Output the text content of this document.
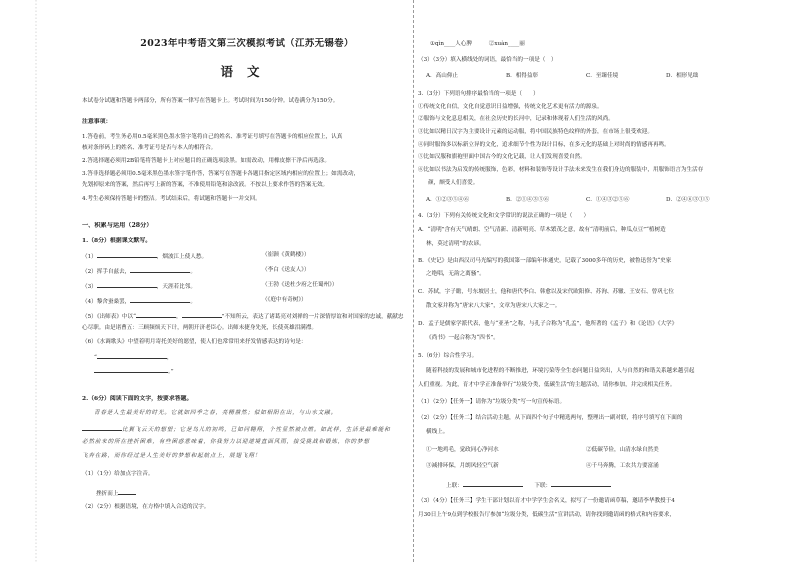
2023年中考语文第三次模拟考试（江苏无锡卷）
语文
本试卷分试题和答题卡两部分，所有答案一律写在答题卡上。考试时间为150分钟。试卷满分为150分。
注意事项：
1.答卷前，考生务必用0.5毫米黑色墨水签字笔将自己的姓名、准考证号填写在答题卡的相应位置上，认真
核对条形码上的姓名、准考证号是否与本人的相符合。
2.答选择题必须用2B铅笔将答题卡上对应题目的正确选项涂黑。如需改动，用橡皮擦干净后再选涂。
3.答非选择题必须用0.5毫米黑色墨水签字笔作答，答案写在答题卡各题目指定区域内相应的位置上；如需改动，
先划掉原来的答案，然后再写上新的答案，不准使用铅笔和涂改液。不按以上要求作答的答案无效。
4.考生必须保持答题卡的整洁。考试结束后，将试题和答题卡一并交回。
一、积累与运用（28分）
1.（8分）根据课文默写。
（1）	，烟波江上使人愁。	（崔颢《黄鹤楼》）
（2）挥手自兹去，	。	（李白《送友人》）
（3）	，天涯若比邻。	（王勃《送杜少府之任蜀州》）
（4）黎舍蚕桑罢，	。	（《庭中有奇树》）
（5）《出师表》中以“	，	”不知所云，表达了诸葛亮对刘禅的一片深情厚谊和对国家的忠诚，献献忠
心尽职。由是诸曹五：三顾频烦天下计，两朝开济老臣心。出师未捷身先死，长使英雄泪满襟。
（6）《水调歌头》中望着明月寄托美好的愿望，使人们也常常用来抒发情感表达的诗句是：
“	，
。”
2.（6分）阅读下面的文字，按要求答题。
青春是人生最美好的时光。它就如四季之春，亮精鼎然；似如相阳在出，与山水文融。
比翼飞云天的想望；它是鸟儿的初鸣，已如同翱翔，个性显然被点燃。如此样，生活是最难能和
必然前来的所在挫折困难，有些困惑意味着，你我努力以迎逆境直面风雨，接受挑战和锻炼，你的梦想
飞奔在路，而你经过是人生美好的梦想和起航点上，展翅飞翔！
（1）（1分）给加点字注音。
挫折而上
（2）（2分）根据语境，在方格中填入合适的汉字。
①qìn____人心脾　　　②xuàn____丽
（3）（3分）填入横线处的词语，最恰当的一项是（　）
A．高山仰止	B．相得益彰	C．至臻佳境	D．相形见绌
3.（3分）下列语句排序最恰当的一项是（　　）
①传统文化自信，文化自觉意识日益增强，传统文化艺术更有活力的源泉。
②服饰与文化息息相关，在社会历史的长河中，记录和体现着人们生活的风尚。
③比如以精日汉字为主要设计元素的运动服，将中国民族特色纹样的外套，在市场上很受欢迎。
④同时服饰多以标新立异的文化，追求细节个性为设计目标，在多元化的基础上对时尚的情感再再鸣。
⑤比如汉服和旗袍里面中国古今的文化记载，让人们发现喜爱自然。
⑥比如以书法为启发的传统服饰，色彩，材料和装饰等设计手法未来发生在我们身边的服装中，用服饰语言为生活存
颜，颇受人们喜爱。
A．①②③⑤④⑥	B．②①④③⑤⑥	C．①④③②⑤⑥	D．②④⑥③①⑤
4.（3分）下列有关传统文化和文学常识的说法正确的一项是（　　）
A．“清明”含有天气晴朗、空气清新、清新明亮、草木繁茂之意，故有“清明前后，种瓜点豆”“植树造
林，莫过清明”的农谚。
B．《史记》是由西汉司马光编写的我国第一部编年体通史，记载了3000多年的历史，被鲁迅誉为“史家
之绝唱，无韵之离骚”。
C．苏轼，字子瞻，号东坡居士，他和唐代李白、韩愈以及宋代欧阳修、苏洵、苏辙、王安石、曾巩七位
散文家并称为“唐宋八大家”，文章为唐宋八大家之一。
D．孟子是儒家学派代表，他与“亚圣”之称，与孔子合称为“孔孟”，他所著的《孟子》和《论语》《大学》
《尚书》一起合称为“四书”。
5.（6分）综合性学习。
随着科技的发展和城市化进程的不断推进，环境污染等全生态问题日益突出，人与自然的和谐关系越来越引起
人们重视。为此，育才中学正准备举行“垃圾分类，低碳生活”的主题活动，请你参加，并完成相关任务。
（1）（2分）【任务一】请你为“垃圾分类”写一句宣传标语。
（2）（2分）【任务二】结合活动主题，从下面四个句子中精选两句，整理出一副对联，将序号填写在下面的
横线上。
①一地鸡毛，觉政同心净河水	②低碳节俭，山清水绿自然美
③减排环保，月朗风轻空气新	④千马奔腾，工农共力要富涌
上联：	下联：
（3）（4分）【任务三】学生干部计划以育才中学学生会名义，拟写了一份邀请函草稿，邀请李华教授于4
月30日上午9点到学校报告厅参加“垃圾分类，低碳生活”宣讲活动，请你找到邀请函的格式和内容要求，
